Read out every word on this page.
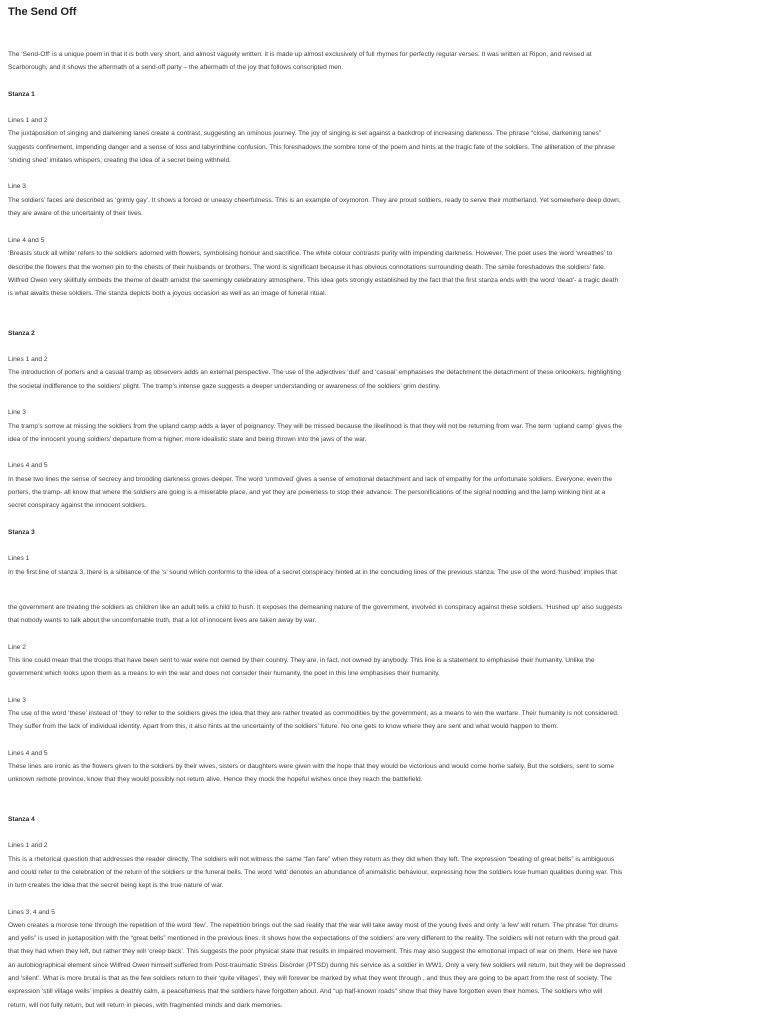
The Send Off
The ‘Send-Off’ is a unique poem in that it is both very short, and almost vaguely written: it is made up almost exclusively of full rhymes for perfectly regular verses. It was written at Ripon, and revised at
Scarborough, and it shows the aftermath of a send-off party – the aftermath of the joy that follows conscripted men.
Stanza 1
Lines 1 and 2
The juxtaposition of singing and darkening lanes create a contrast, suggesting an ominous journey. The joy of singing is set against a backdrop of increasing darkness. The phrase “close, darkening lanes”
suggests confinement, impending danger and a sense of loss and labyrinthine confusion. This foreshadows the sombre tone of the poem and hints at the tragic fate of the soldiers. The alliteration of the phrase
‘shiding shed’ imitates whispers, creating the idea of a secret being withheld.
Line 3
The soldiers’ faces are described as ‘grimly gay’. It shows a forced or uneasy cheerfulness. This is an example of oxymoron. They are proud soldiers, ready to serve their motherland. Yet somewhere deep down,
they are aware of the uncertainty of their lives.
Line 4 and 5
‘Breasts stuck all white’ refers to the soldiers adorned with flowers, symbolising honour and sacrifice. The white colour contrasts purity with impending darkness. However, The poet uses the word ‘wreathes’ to
describe the flowers that the women pin to the chests of their husbands or brothers. The word is significant because it has obvious connotations surrounding death. The simile foreshadows the soldiers’ fate.
Wilfred Owen very skillfully embeds the theme of death amidst the seemingly celebratory atmosphere. This idea gets strongly established by the fact that the first stanza ends with the word ‘dead’- a tragic death
is what awaits these soldiers. The stanza depicts both a joyous occasion as well as an image of funeral ritual.
Stanza 2
Lines 1 and 2
The introduction of porters and a casual tramp as observers adds an external perspective. The use of the adjectives ‘dull’ and ‘casual’ emphasises the detachment the detachment of these onlookers, highlighting
the societal indifference to the soldiers’ plight. The tramp’s intense gaze suggests a deeper understanding or awareness of the soldiers’ grim destiny.
Line 3
The tramp’s sorrow at missing the soldiers from the upland camp adds a layer of poignancy. They will be missed because the likelihood is that they will not be returning from war. The term ‘upland camp’ gives the
idea of the innocent young soldiers’ departure from a higher, more idealistic state and being thrown into the jaws of the war.
Lines 4 and 5
In these two lines the sense of secrecy and brooding darkness grows deeper. The word ‘unmoved’ gives a sense of emotional detachment and lack of empathy for the unfortunate soldiers. Everyone, even the
porters, the tramp- all know that where the soldiers are going is a miserable place, and yet they are powerless to stop their advance. The personifications of the signal nodding and the lamp winking hint at a
secret conspiracy against the innocent soldiers.
Stanza 3
Lines 1
In the first line of stanza 3, there is a sibilance of the ‘s’ sound which conforms to the idea of a secret conspiracy hinted at in the concluding lines of the previous stanza. The use of the word ‘hushed’ implies that
the government are treating the soldiers as children like an adult tells a child to hush. It exposes the demeaning nature of the government, involved in conspiracy against these soldiers. ‘Hushed up’ also suggests
that nobody wants to talk about the uncomfortable truth, that a lot of innocent lives are taken away by war.
Line 2
This line could mean that the troops that have been sent to war were not owned by their country. They are, in fact, not owned by anybody. This line is a statement to emphasise their humanity. Unlike the
government which looks upon them as a means to win the war and does not consider their humanity, the poet in this line emphasises their humanity.
Line 3
The use of the word ‘these’ instead of ‘they’ to refer to the soldiers gives the idea that they are rather treated as commodities by the government, as a means to win the warfare. Their humanity is not considered.
They suffer from the lack of individual identity. Apart from this, it also hints at the uncertainty of the soldiers’ future. No one gets to know where they are sent and what would happen to them.
Lines 4 and 5
These lines are ironic as the flowers given to the soldiers by their wives, sisters or daughters were given with the hope that they would be victorious and would come home safely. But the soldiers, sent to some
unknown remote province, know that they would possibly not return alive. Hence they mock the hopeful wishes once they reach the battlefield.
Stanza 4
Lines 1 and 2
This is a rhetorical question that addresses the reader directly. The soldiers will not witness the same “fan fare” when they return as they did when they left. The expression “beating of great bells” is ambiguous
and could refer to the celebration of the return of the soldiers or the funeral bells. The word ‘wild’ denotes an abundance of animalistic behaviour, expressing how the soldiers lose human qualities during war. This
in turn creates the idea that the secret being kept is the true nature of war.
Lines 3, 4 and 5
Owen creates a morose tone through the repetition of the word ‘few’. The repetition brings out the sad reality that the war will take away most of the young lives and only ‘a few’ will return. The phrase “for drums
and yells” is used in juxtaposition with the “great bells” mentioned in the previous lines. It shows how the expectations of the soldiers’ are very different to the reality. The soldiers will not return with the proud gait
that they had when they left, but rather they will ‘creep back’. This suggests the poor physical state that results in impaired movement. This may also suggest the emotional impact of war on them. Here we have
an autobiographical element since Wilfred Owen himself suffered from Post-traumatic Stress Disorder (PTSD) during his service as a soldier in WW1. Only a very few soldiers will return, but they will be depressed
and ‘silent’. What is more brutal is that as the few soldiers return to their ‘quite villages’, they will forever be marked by what they went through , and thus they are going to be apart from the rest of society. The
expression ‘still village wells’ implies a deathly calm, a peacefulness that the soldiers have forgotten about. And “up half-known roads” show that they have forgotten even their homes. The soldiers who will
return, will not fully return, but will return in pieces, with fragmented minds and dark memories.
